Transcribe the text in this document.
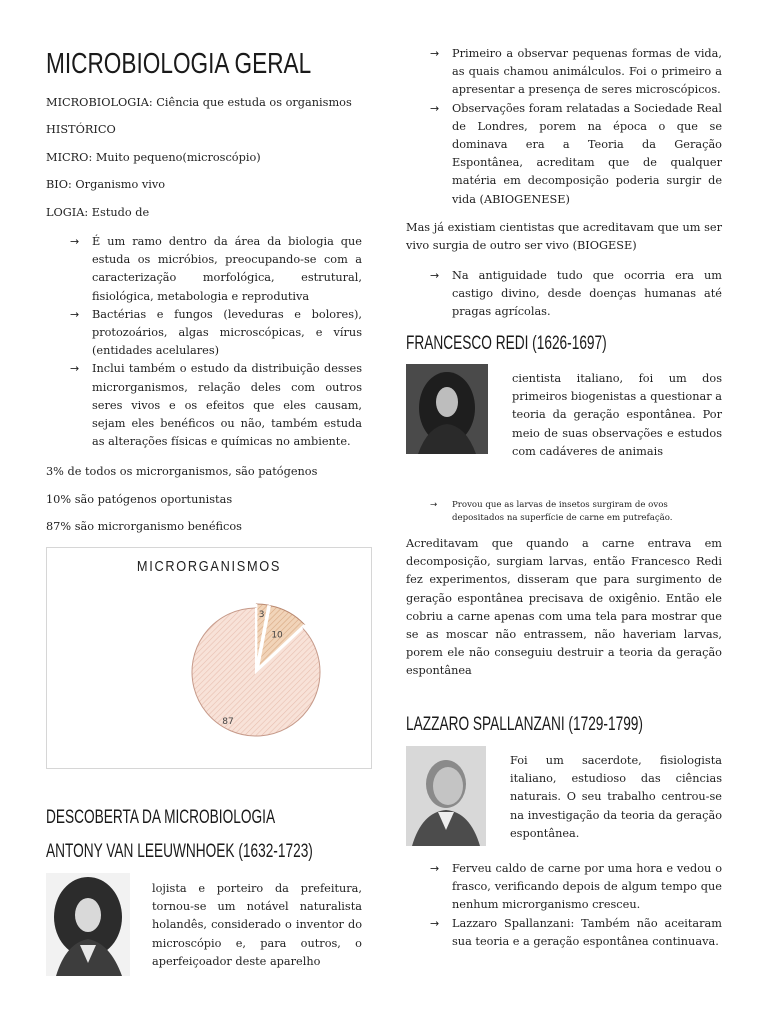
MICROBIOLOGIA GERAL
MICROBIOLOGIA: Ciência que estuda os organismos
HISTÓRICO
MICRO: Muito pequeno(microscópio)
BIO: Organismo vivo
LOGIA: Estudo de
→ É um ramo dentro da área da biologia que estuda os micróbios, preocupando-se com a caracterização morfológica, estrutural, fisiológica, metabologia e reprodutiva
→ Bactérias e fungos (leveduras e bolores), protozoários, algas microscópicas, e vírus (entidades acelulares)
→ Inclui também o estudo da distribuição desses microrganismos, relação deles com outros seres vivos e os efeitos que eles causam, sejam eles benéficos ou não, também estuda as alterações físicas e químicas no ambiente.
3% de todos os microrganismos, são patógenos
10% são patógenos oportunistas
87% são microrganismo benéficos
MICRORGANISMOS
3
10
87
DESCOBERTA DA MICROBIOLOGIA
ANTONY VAN LEEUWNHOEK (1632-1723)
lojista e porteiro da prefeitura, tornou-se um notável naturalista holandês, considerado o inventor do microscópio e, para outros, o aperfeiçoador deste aparelho
→ Primeiro a observar pequenas formas de vida, as quais chamou animálculos. Foi o primeiro a apresentar a presença de seres microscópicos.
→ Observações foram relatadas a Sociedade Real de Londres, porem na época o que se dominava era a Teoria da Geração Espontânea, acreditam que de qualquer matéria em decomposição poderia surgir de vida (ABIOGENESE)
Mas já existiam cientistas que acreditavam que um ser vivo surgia de outro ser vivo (BIOGESE)
→ Na antiguidade tudo que ocorria era um castigo divino, desde doenças humanas até pragas agrícolas.
FRANCESCO REDI (1626-1697)
cientista italiano, foi um dos primeiros biogenistas a questionar a teoria da geração espontânea. Por meio de suas observações e estudos com cadáveres de animais
→	Provou que as larvas de insetos surgiram de ovos depositados na superfície de carne em putrefação.
Acreditavam que quando a carne entrava em decomposição, surgiam larvas, então Francesco Redi fez experimentos, disseram que para surgimento de geração espontânea precisava de oxigênio. Então ele cobriu a carne apenas com uma tela para mostrar que se as moscar não entrassem, não haveriam larvas, porem ele não conseguiu destruir a teoria da geração espontânea
LAZZARO SPALLANZANI (1729-1799)
Foi um sacerdote, fisiologista italiano, estudioso das ciências naturais. O seu trabalho centrou-se na investigação da teoria da geração espontânea.
→ Ferveu caldo de carne por uma hora e vedou o frasco, verificando depois de algum tempo que nenhum microrganismo cresceu.
→ Lazzaro Spallanzani: Também não aceitaram sua teoria e a geração espontânea continuava.
